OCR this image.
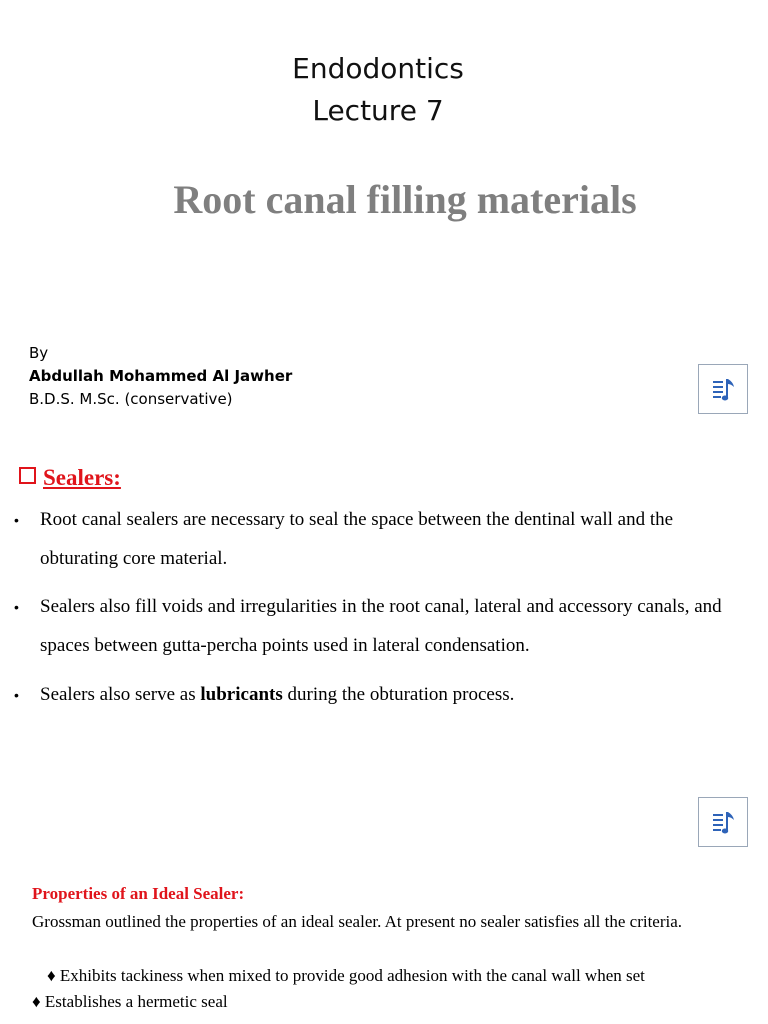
Endodontics
Lecture 7
Root canal filling materials
By
Abdullah Mohammed Al Jawher
B.D.S. M.Sc. (conservative)
Sealers:
•	Root canal sealers are necessary to seal the space between the dentinal wall and the obturating core material.
•	Sealers also fill voids and irregularities in the root canal, lateral and accessory canals, and spaces between gutta-percha points used in lateral condensation.
•	Sealers also serve as lubricants during the obturation process.
Properties of an Ideal Sealer:
Grossman outlined the properties of an ideal sealer. At present no sealer satisfies all the criteria.
♦ Exhibits tackiness when mixed to provide good adhesion with the canal wall when set
♦ Establishes a hermetic seal
